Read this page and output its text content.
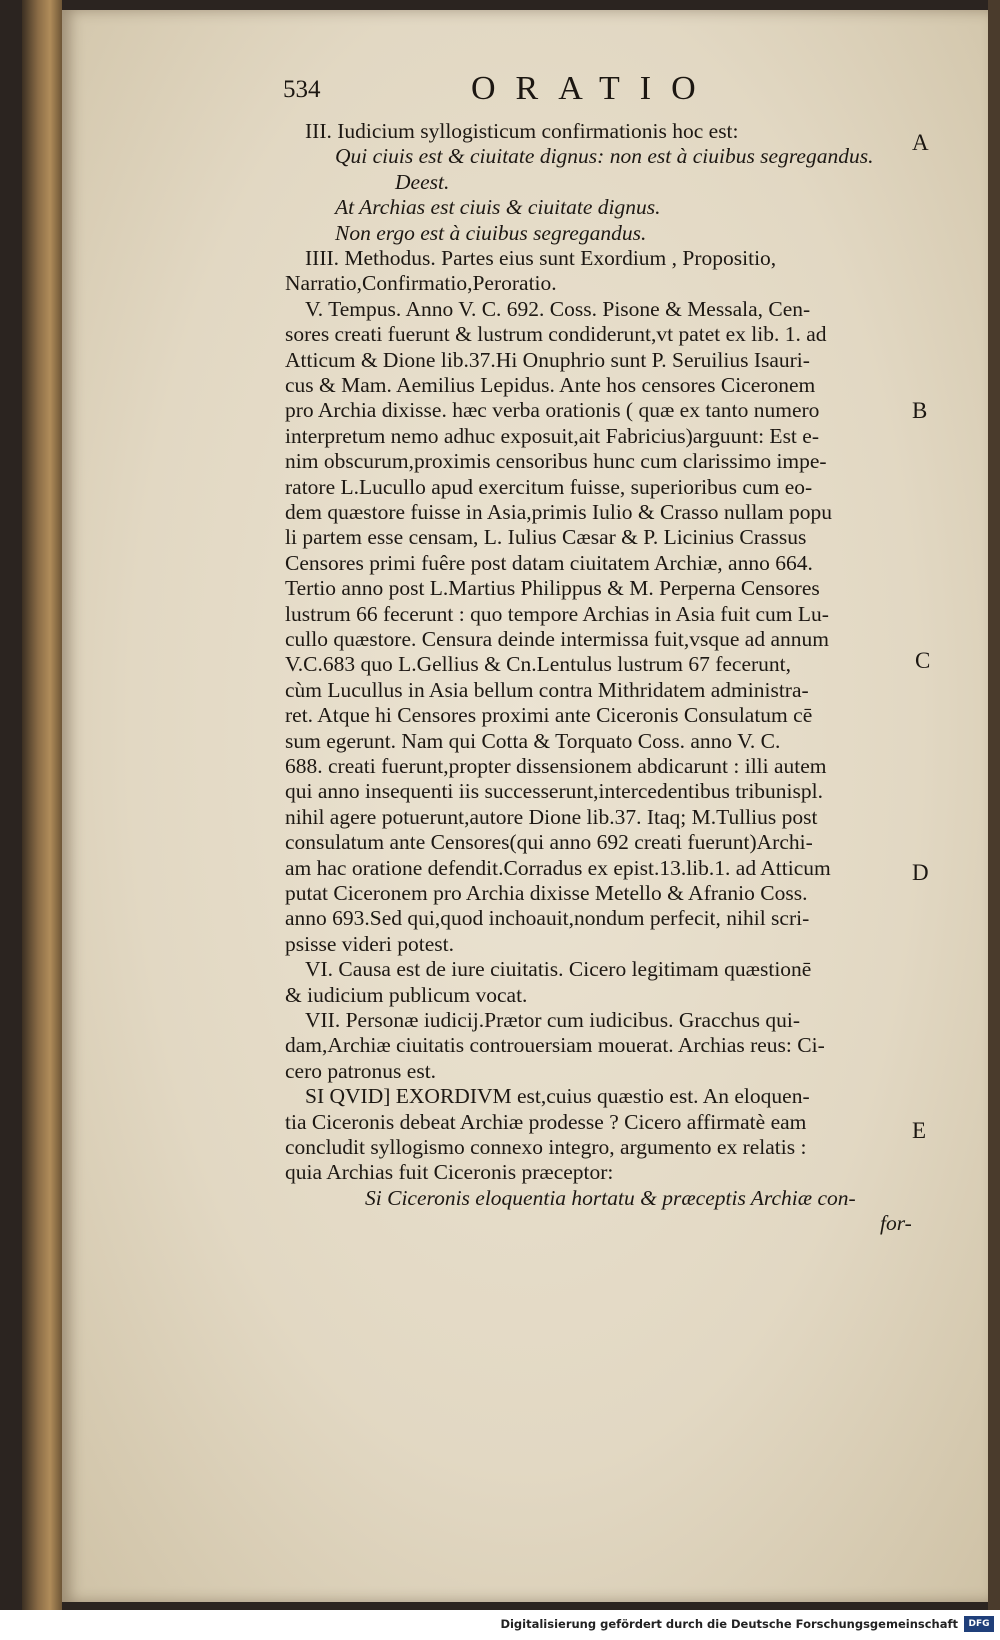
534	ORATIO
III. Iudicium syllogisticum confirmationis hoc est:
Qui ciuis est & ciuitate dignus: non est à ciuibus segregandus.
Deest.
At Archias est ciuis & ciuitate dignus.
Non ergo est à ciuibus segregandus.
IIII. Methodus. Partes eius sunt Exordium , Propositio,
Narratio,Confirmatio,Peroratio.
V. Tempus. Anno V. C. 692. Coss. Pisone & Messala, Cen-
sores creati fuerunt & lustrum condiderunt,vt patet ex lib. 1. ad
Atticum & Dione lib.37.Hi Onuphrio sunt P. Seruilius Isauri-
cus & Mam. Aemilius Lepidus. Ante hos censores Ciceronem
pro Archia dixisse. hæc verba orationis ( quæ ex tanto numero
interpretum nemo adhuc exposuit,ait Fabricius)arguunt: Est e-
nim obscurum,proximis censoribus hunc cum clarissimo impe-
ratore L.Lucullo apud exercitum fuisse, superioribus cum eo-
dem quæstore fuisse in Asia,primis Iulio & Crasso nullam popu
li partem esse censam, L. Iulius Cæsar & P. Licinius Crassus
Censores primi fuêre post datam ciuitatem Archiæ, anno 664.
Tertio anno post L.Martius Philippus & M. Perperna Censores
lustrum 66 fecerunt : quo tempore Archias in Asia fuit cum Lu-
cullo quæstore. Censura deinde intermissa fuit,vsque ad annum
V.C.683 quo L.Gellius & Cn.Lentulus lustrum 67 fecerunt,
cùm Lucullus in Asia bellum contra Mithridatem administra-
ret. Atque hi Censores proximi ante Ciceronis Consulatum cē
sum egerunt. Nam qui Cotta & Torquato Coss. anno V. C.
688. creati fuerunt,propter dissensionem abdicarunt : illi autem
qui anno insequenti iis successerunt,intercedentibus tribunispl.
nihil agere potuerunt,autore Dione lib.37. Itaq; M.Tullius post
consulatum ante Censores(qui anno 692 creati fuerunt)Archi-
am hac oratione defendit.Corradus ex epist.13.lib.1. ad Atticum
putat Ciceronem pro Archia dixisse Metello & Afranio Coss.
anno 693.Sed qui,quod inchoauit,nondum perfecit, nihil scri-
psisse videri potest.
VI. Causa est de iure ciuitatis. Cicero legitimam quæstionē
& iudicium publicum vocat.
VII. Personæ iudicij.Prætor cum iudicibus. Gracchus qui-
dam,Archiæ ciuitatis controuersiam mouerat. Archias reus: Ci-
cero patronus est.
SI QVID] EXORDIVM est,cuius quæstio est. An eloquen-
tia Ciceronis debeat Archiæ prodesse ? Cicero affirmatè eam
concludit syllogismo connexo integro, argumento ex relatis :
quia Archias fuit Ciceronis præceptor:
Si Ciceronis eloquentia hortatu & præceptis Archiæ con-
for-
A
B
C
D
E
Digitalisierung gefördert durch die Deutsche Forschungsgemeinschaft	DFG
